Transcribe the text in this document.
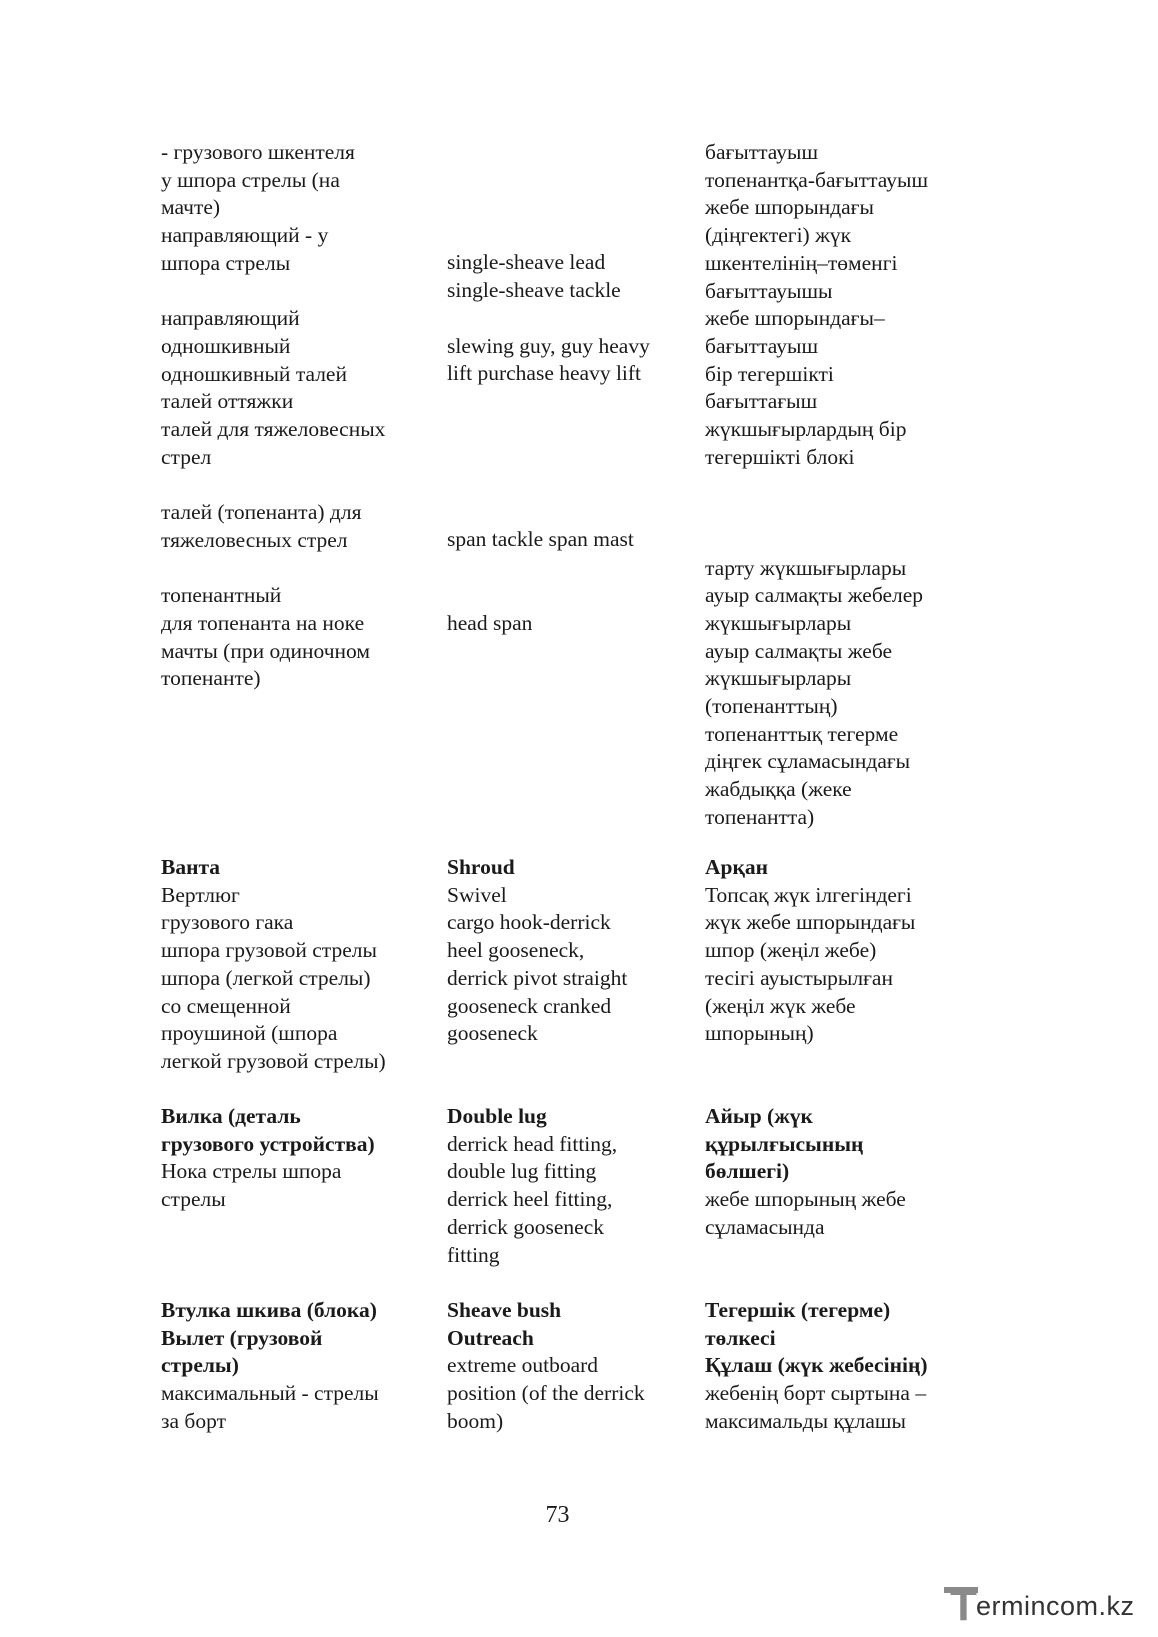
- грузового шкентеля
у шпора стрелы (на
мачте)
направляющий - у
шпора стрелы

направляющий
одношкивный
одношкивный талей
талей оттяжки
талей для тяжеловесных
стрел

талей (топенанта) для
тяжеловесных стрел

топенантный
для топенанта на ноке
мачты (при одиночном
топенанте)

single-sheave lead
single-sheave tackle

slewing guy, guy heavy
lift purchase heavy lift

span tackle span mast

head span
бағыттауыш
топенантқа-бағыттауыш
жебе шпорындағы
(діңгектегі) жүк
шкентелінің–төменгі
бағыттауышы
жебе шпорындағы–
бағыттауыш
бір тегершікті
бағыттағыш
жүкшығырлардың бір
тегершікті блокі

тарту жүкшығырлары
ауыр салмақты жебелер
жүкшығырлары
ауыр салмақты жебе
жүкшығырлары
(топенанттың)
топенанттық тегерме
діңгек сұламасындағы
жабдыққа (жеке
топенантта)
Ванта
Вертлюг
грузового гака
шпора грузовой стрелы
шпора (легкой стрелы)
со смещенной
проушиной (шпора
легкой грузовой стрелы)
Shroud
Swivel
cargo hook-derrick
heel gooseneck,
derrick pivot straight
gooseneck cranked
gooseneck
Арқан
Топсақ жүк ілгегіндегі
жүк жебе шпорындағы
шпор (жеңіл жебе)
тесігі ауыстырылған
(жеңіл жүк жебе
шпорының)
Вилка (деталь
грузового устройства)
Нока стрелы шпора
стрелы
Double lug
derrick head fitting,
double lug fitting
derrick heel fitting,
derrick gooseneck
fitting
Айыр (жүк
құрылғысының
бөлшегі)
жебе шпорының жебе
сұламасында
Втулка шкива (блока)
Вылет (грузовой
стрелы)
максимальный - стрелы
за борт
Sheave bush
Outreach
extreme outboard
position (of the derrick
boom)
Тегершік (тегерме)
төлкесі
Құлаш (жүк жебесінің)
жебенің борт сыртына –
максимальды құлашы
73
T ermincom.kz
